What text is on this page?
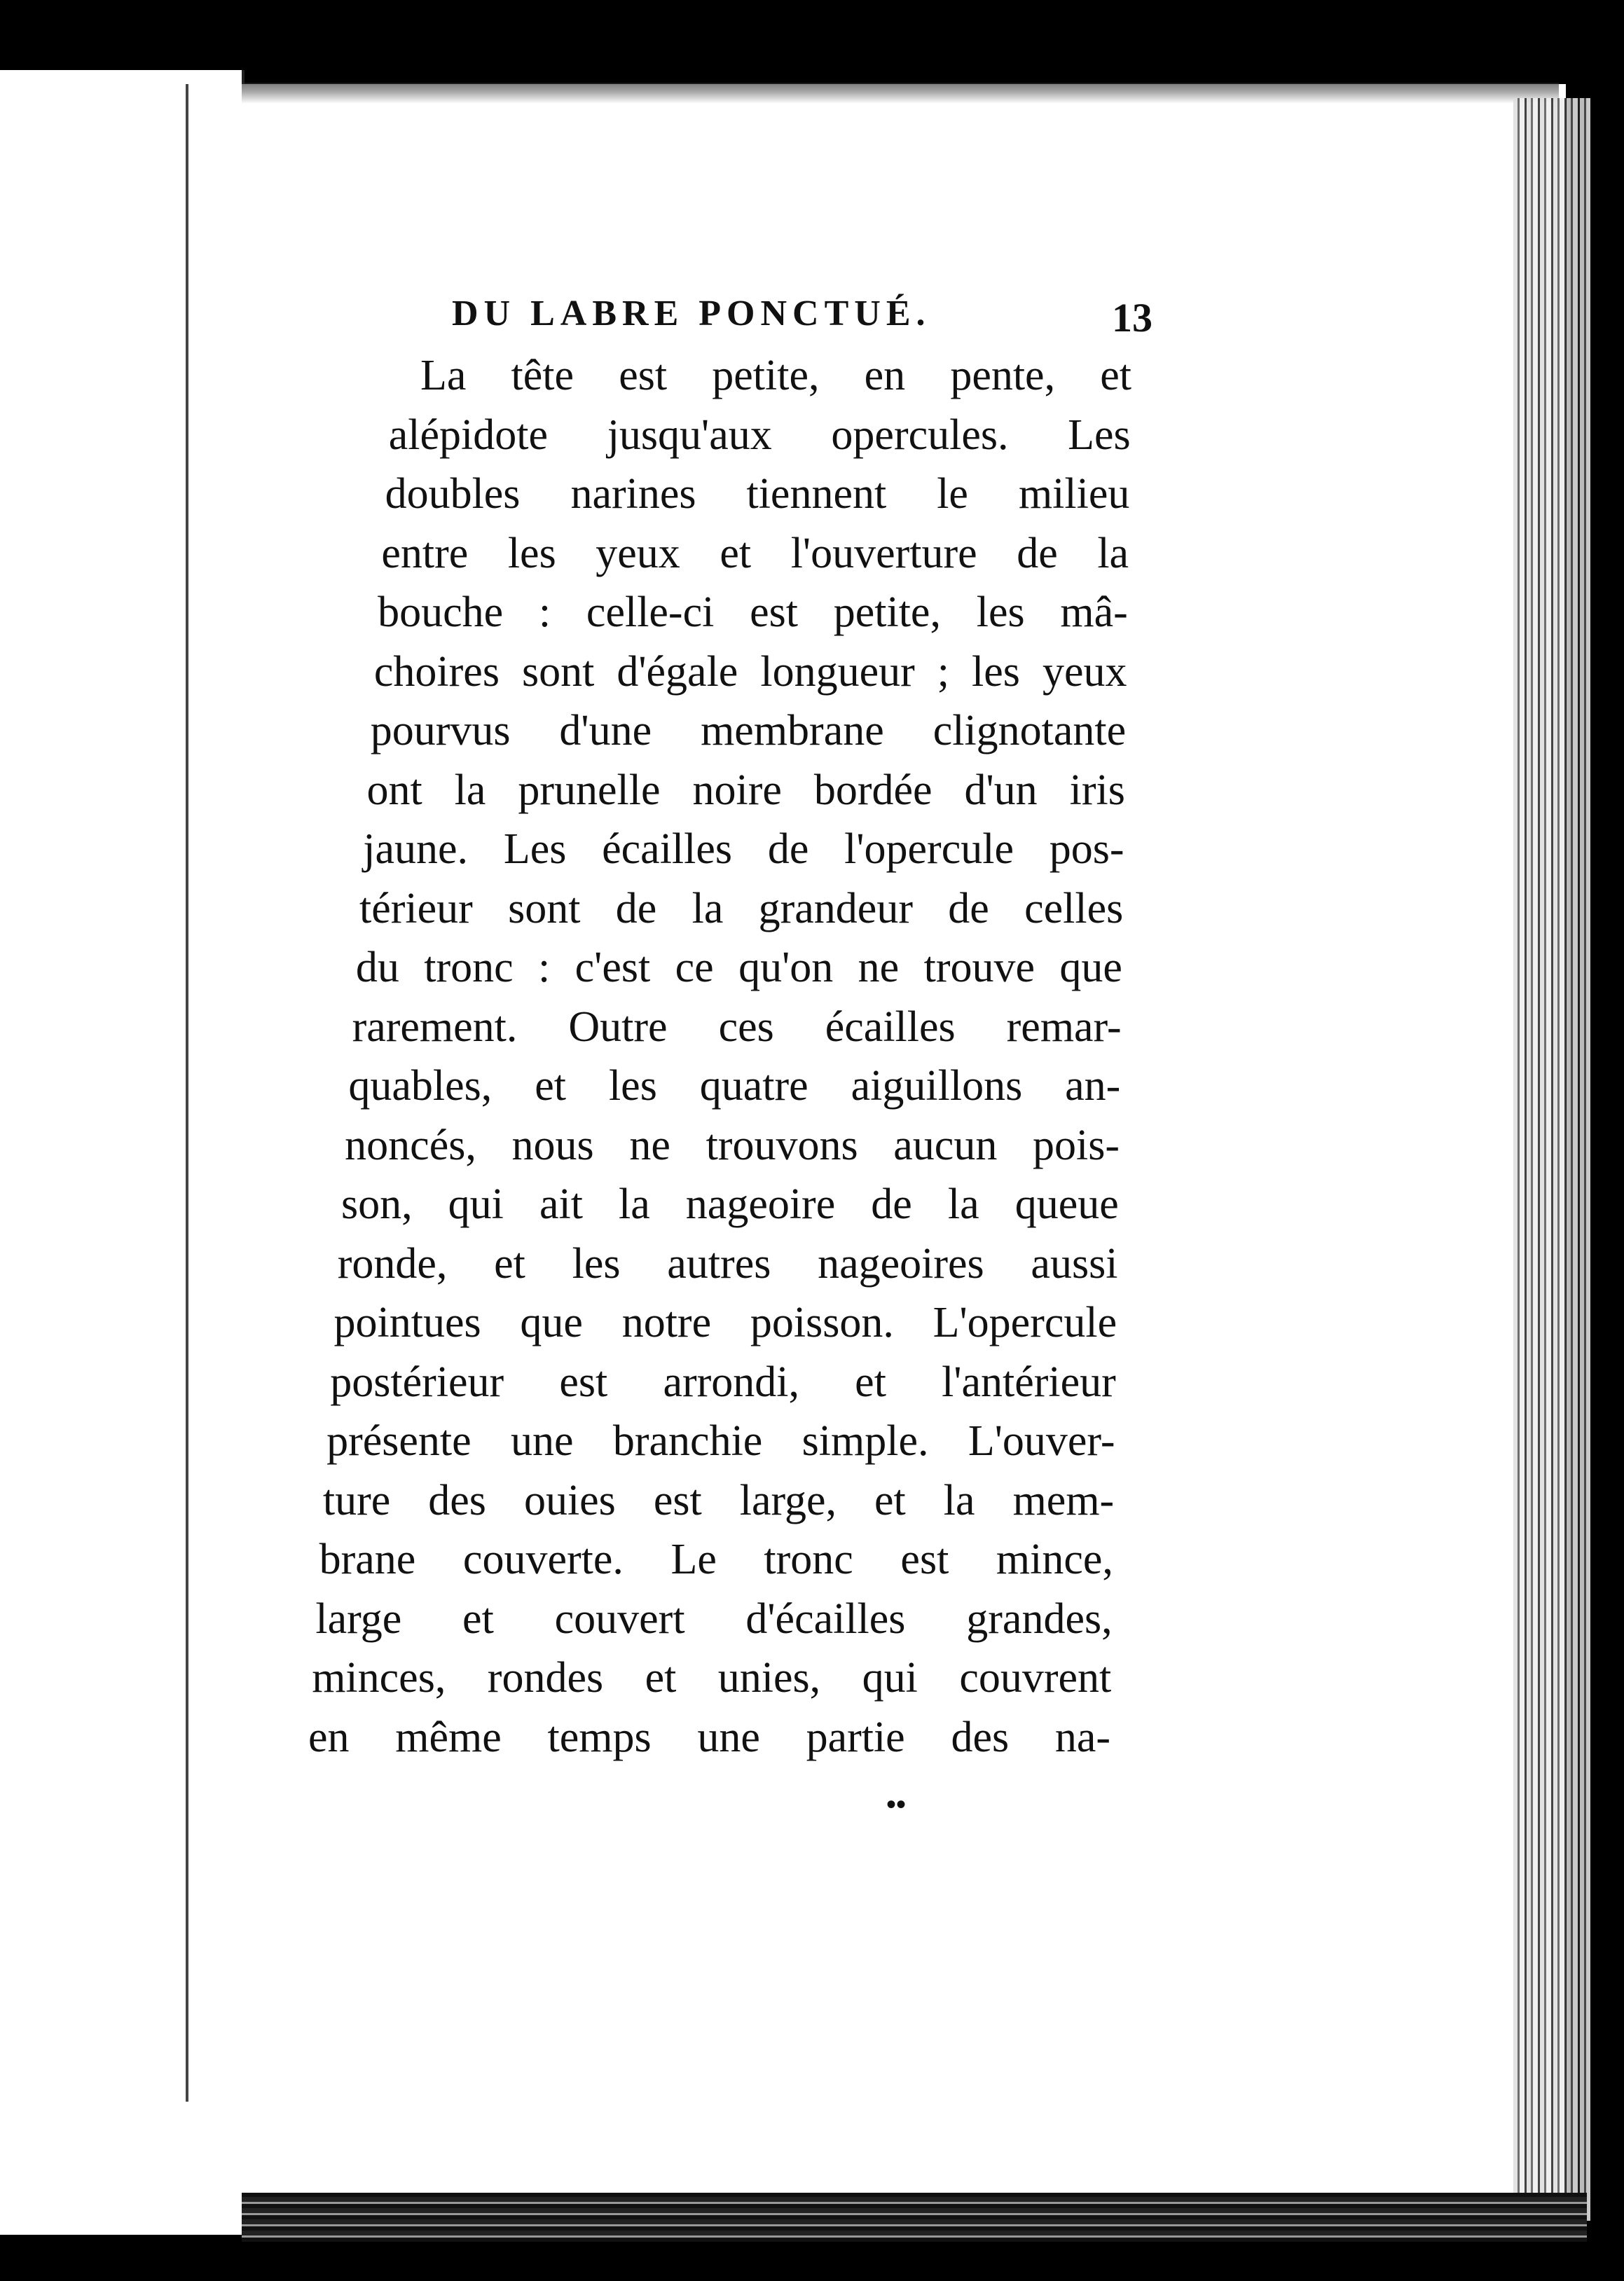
DU LABRE PONCTUÉ.	13
La tête est petite, en pente, et
alépidote jusqu'aux opercules. Les
doubles narines tiennent le milieu
entre les yeux et l'ouverture de la
bouche : celle-ci est petite, les mâ-
choires sont d'égale longueur ; les yeux
pourvus d'une membrane clignotante
ont la prunelle noire bordée d'un iris
jaune. Les écailles de l'opercule pos-
térieur sont de la grandeur de celles
du tronc : c'est ce qu'on ne trouve que
rarement. Outre ces écailles remar-
quables, et les quatre aiguillons an-
noncés, nous ne trouvons aucun pois-
son, qui ait la nageoire de la queue
ronde, et les autres nageoires aussi
pointues que notre poisson. L'opercule
postérieur est arrondi, et l'antérieur
présente une branchie simple. L'ouver-
ture des ouies est large, et la mem-
brane couverte. Le tronc est mince,
large et couvert d'écailles grandes,
minces, rondes et unies, qui couvrent
en même temps une partie des na-
••
